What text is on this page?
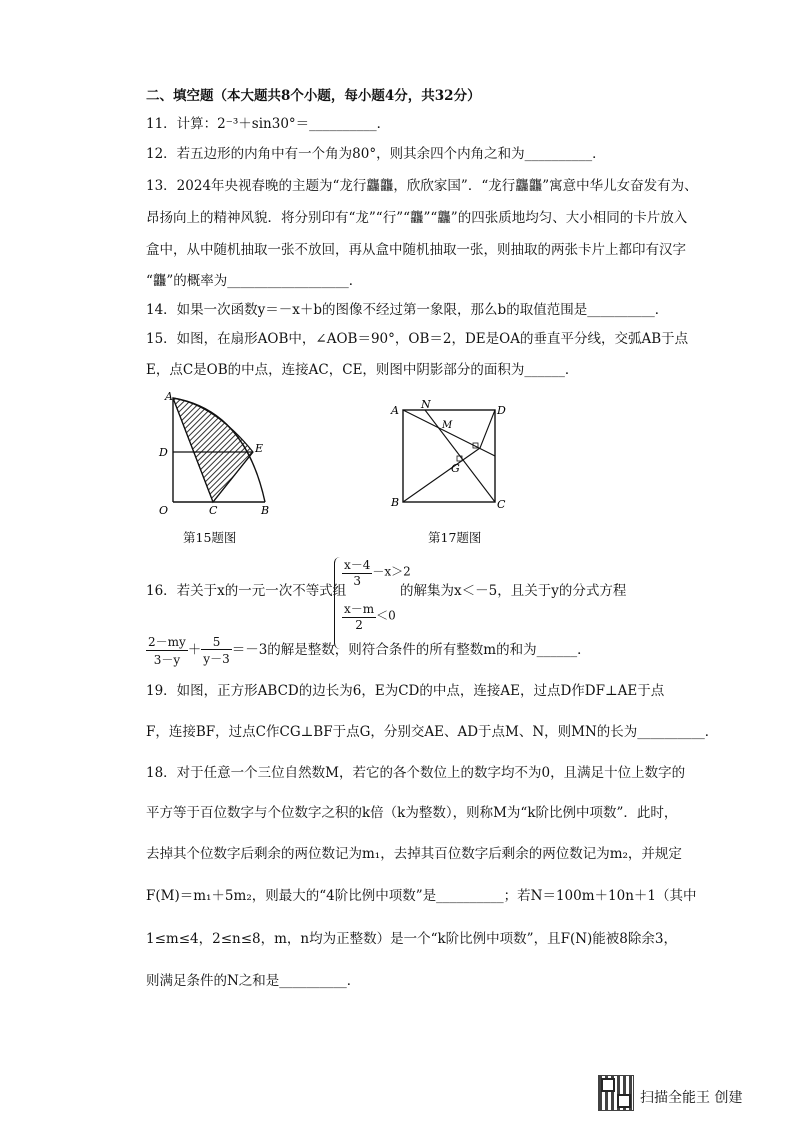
二、填空题（本大题共8个小题，每小题4分，共32分）
11．计算：2⁻³＋sin30°＝__________．
12．若五边形的内角中有一个角为80°，则其余四个内角之和为__________．
13．2024年央视春晚的主题为“龙行龘龘，欣欣家国”．“龙行龘龘”寓意中华儿女奋发有为、
昂扬向上的精神风貌．将分别印有“龙”“行”“龘”“龘”的四张质地均匀、大小相同的卡片放入
盒中，从中随机抽取一张不放回，再从盒中随机抽取一张，则抽取的两张卡片上都印有汉字
“龘”的概率为__________________．
14．如果一次函数y＝－x＋b的图像不经过第一象限，那么b的取值范围是__________．
15．如图，在扇形AOB中，∠AOB＝90°，OB＝2，DE是OA的垂直平分线，交弧AB于点
E，点C是OB的中点，连接AC，CE，则图中阴影部分的面积为______．
A
D	E
O	C	B
第15题图
A N
M
D
G
B	C
第17题图
16．若关于x的一元一次不等式组
$\frac{x-4}{3} -x>2$
$\frac{x-m}{2} <0$
的解集为x＜－5，且关于y的分式方程
$\frac{2-my}{3-y} + \frac{5}{y-3} =-3$的解是整数，则符合条件的所有整数m的和为______．
19．如图，正方形ABCD的边长为6，E为CD的中点，连接AE，过点D作DF⊥AE于点
F，连接BF，过点C作CG⊥BF于点G，分别交AE、AD于点M、N，则MN的长为__________．
18．对于任意一个三位自然数M，若它的各个数位上的数字均不为0，且满足十位上数字的
平方等于百位数字与个位数字之积的k倍（k为整数），则称M为“k阶比例中项数”．此时，
去掉其个位数字后剩余的两位数记为m₁，去掉其百位数字后剩余的两位数记为m₂，并规定
F(M)＝m₁＋5m₂，则最大的“4阶比例中项数”是__________；若N＝100m＋10n＋1（其中
1≤m≤4，2≤n≤8，m，n均为正整数）是一个“k阶比例中项数”，且F(N)能被8除余3，
则满足条件的N之和是__________．
扫描全能王 创建
